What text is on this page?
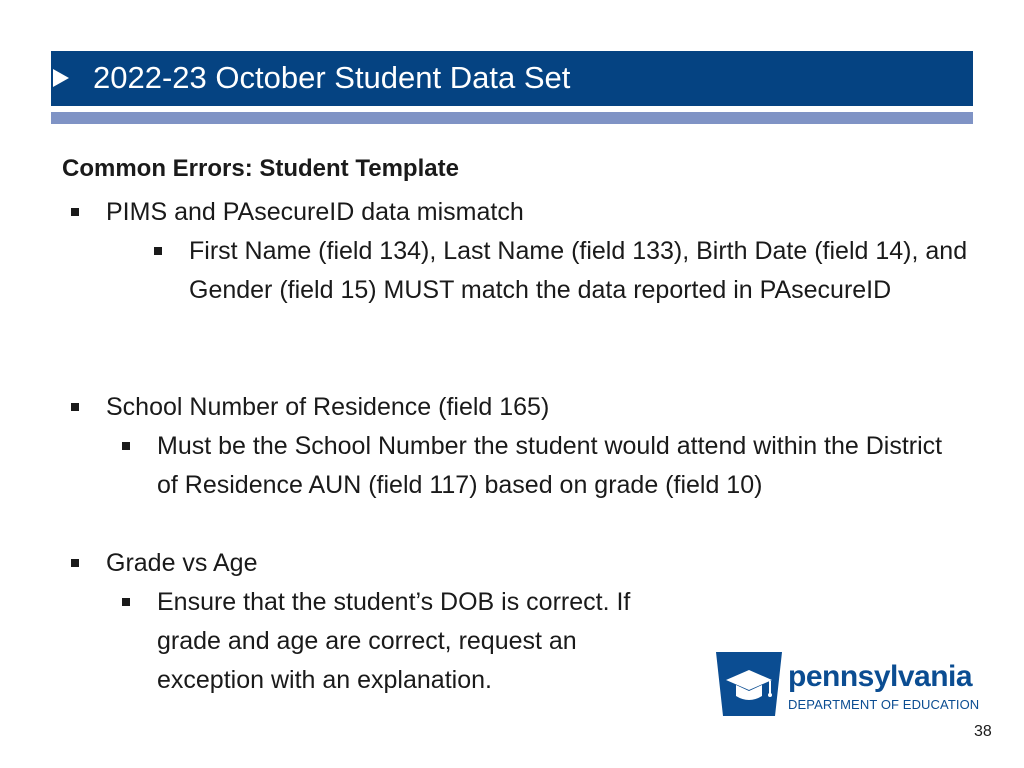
2022-23 October Student Data Set
Common Errors: Student Template
PIMS and PAsecureID data mismatch
First Name (field 134), Last Name (field 133), Birth Date (field 14), and Gender (field 15) MUST match the data reported in PAsecureID
School Number of Residence (field 165)
Must be the School Number the student would attend within the District of Residence AUN (field 117) based on grade (field 10)
Grade vs Age
Ensure that the student’s DOB is correct. If grade and age are correct, request an exception with an explanation.	pennsylvania
DEPARTMENT OF EDUCATION
38
